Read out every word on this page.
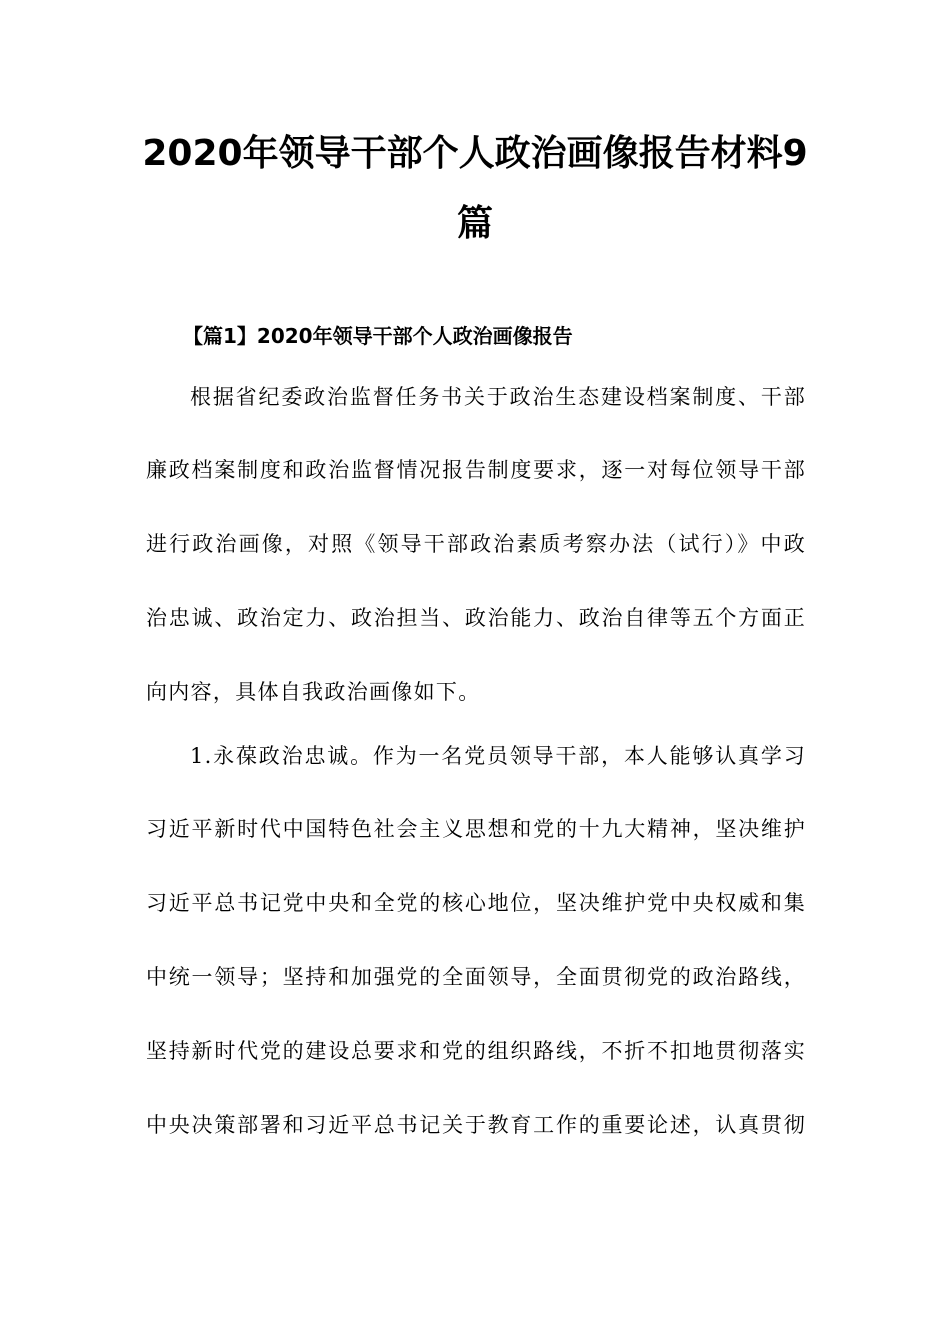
2020年领导干部个人政治画像报告材料9
篇
【篇1】2020年领导干部个人政治画像报告
根据省纪委政治监督任务书关于政治生态建设档案制度、干部
廉政档案制度和政治监督情况报告制度要求，逐一对每位领导干部
进行政治画像，对照《领导干部政治素质考察办法（试行）》中政
治忠诚、政治定力、政治担当、政治能力、政治自律等五个方面正
向内容，具体自我政治画像如下。
1.永葆政治忠诚。作为一名党员领导干部，本人能够认真学习
习近平新时代中国特色社会主义思想和党的十九大精神，坚决维护
习近平总书记党中央和全党的核心地位，坚决维护党中央权威和集
中统一领导；坚持和加强党的全面领导，全面贯彻党的政治路线，
坚持新时代党的建设总要求和党的组织路线，不折不扣地贯彻落实
中央决策部署和习近平总书记关于教育工作的重要论述，认真贯彻
